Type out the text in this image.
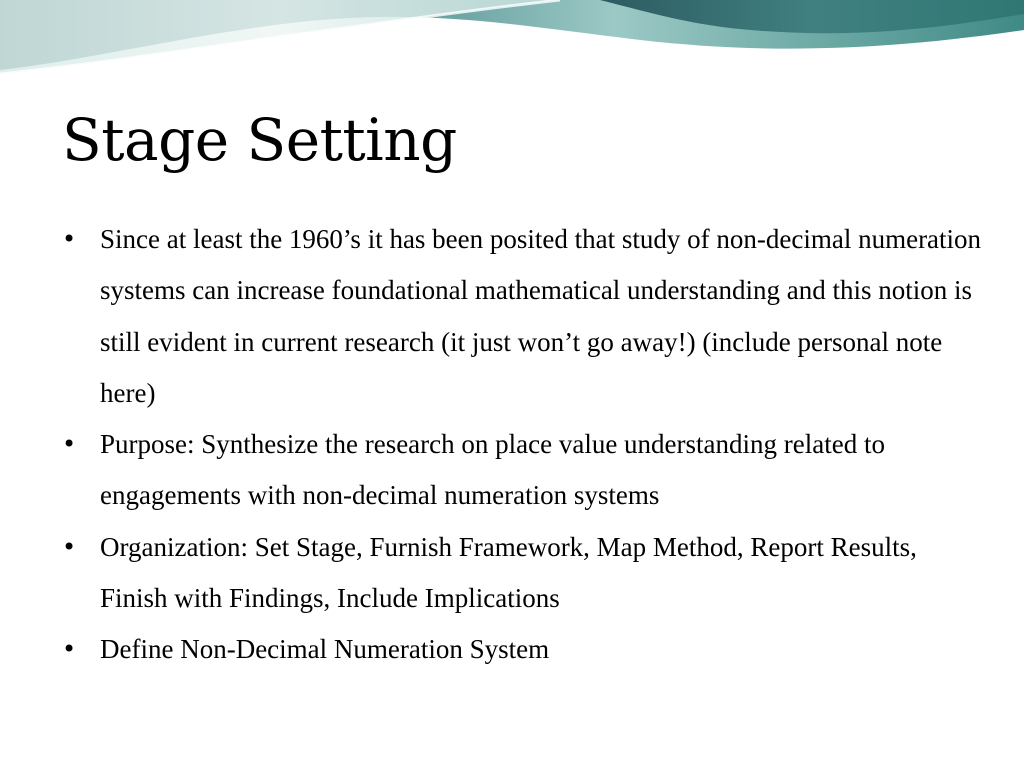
Stage Setting
• Since at least the 1960’s it has been posited that study of non-decimal numeration systems can increase foundational mathematical understanding and this notion is still evident in current research (it just won’t go away!) (include personal note here)
• Purpose: Synthesize the research on place value understanding related to engagements with non-decimal numeration systems
• Organization: Set Stage, Furnish Framework, Map Method, Report Results, Finish with Findings, Include Implications
• Define Non-Decimal Numeration System
